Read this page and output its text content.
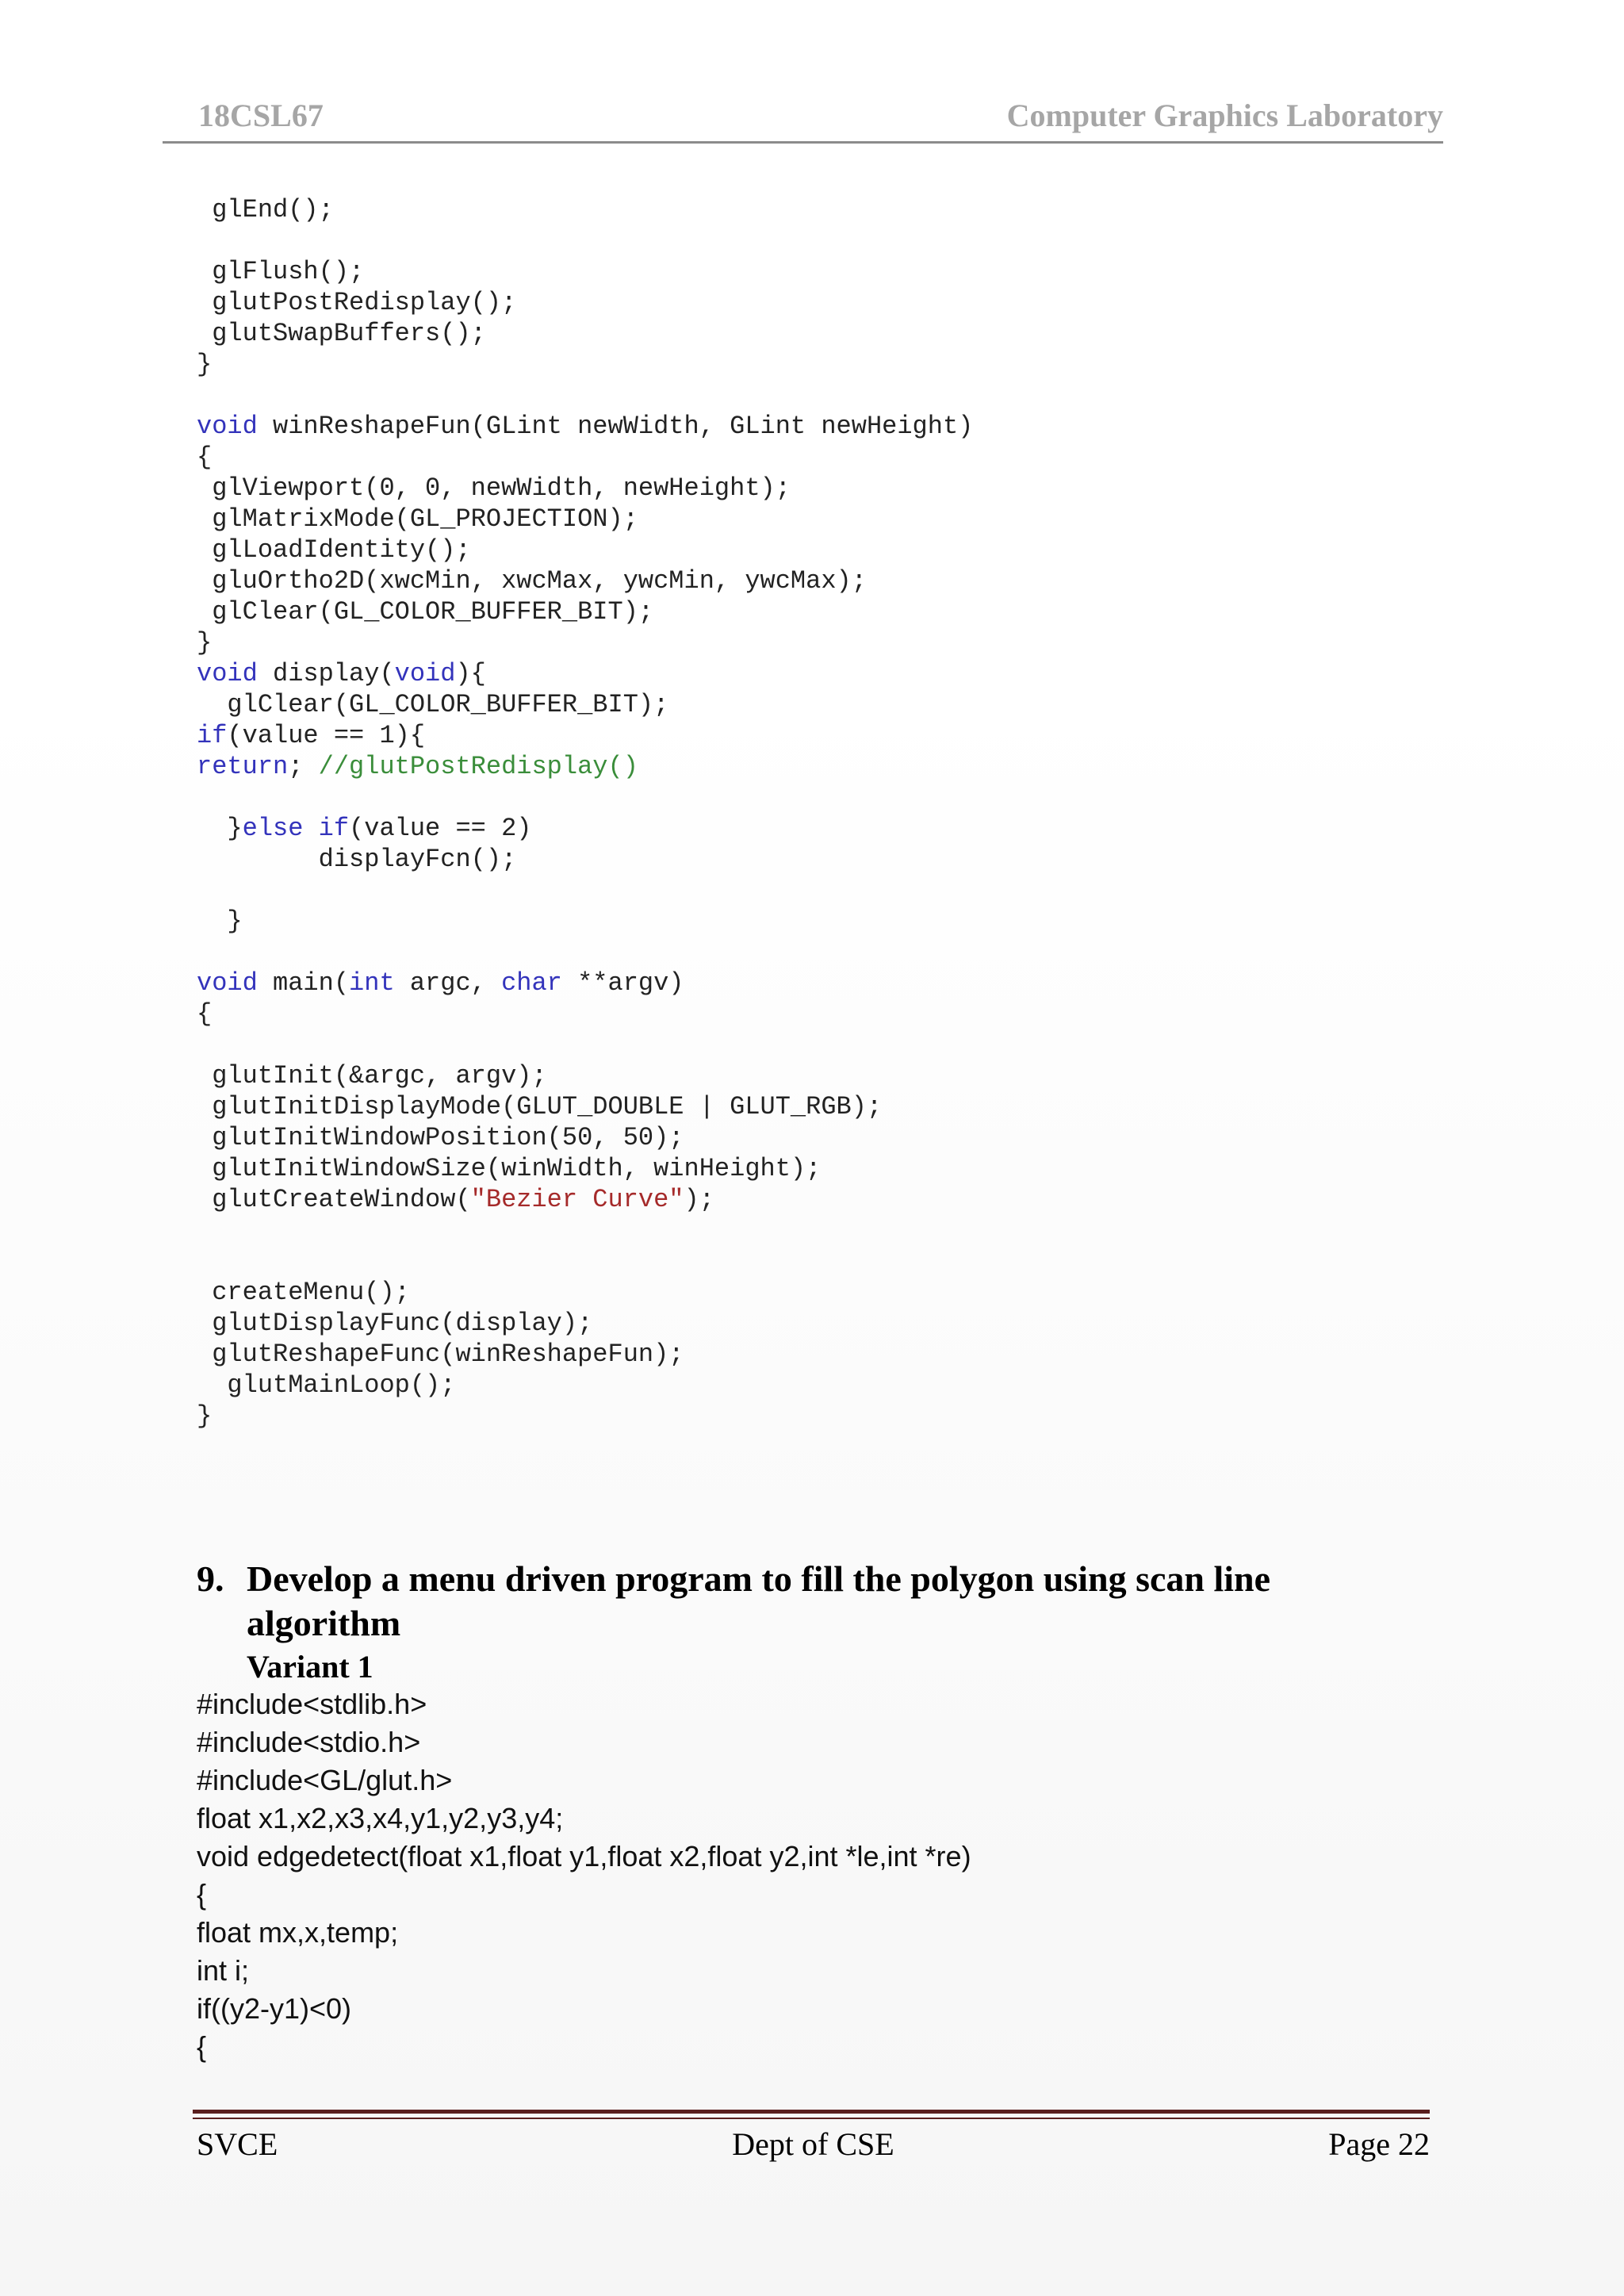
18CSL67	Computer Graphics Laboratory
glEnd();
glFlush();
glutPostRedisplay();
glutSwapBuffers();
}
void winReshapeFun(GLint newWidth, GLint newHeight)
{
glViewport(0, 0, newWidth, newHeight);
glMatrixMode(GL_PROJECTION);
glLoadIdentity();
gluOrtho2D(xwcMin, xwcMax, ywcMin, ywcMax);
glClear(GL_COLOR_BUFFER_BIT);
}
void display(void){
glClear(GL_COLOR_BUFFER_BIT);
if(value == 1){
return; //glutPostRedisplay()
}else if(value == 2)
displayFcn();
}
void main(int argc, char **argv)
{
glutInit(&argc, argv);
glutInitDisplayMode(GLUT_DOUBLE | GLUT_RGB);
glutInitWindowPosition(50, 50);
glutInitWindowSize(winWidth, winHeight);
glutCreateWindow("Bezier Curve");
createMenu();
glutDisplayFunc(display);
glutReshapeFunc(winReshapeFun);
glutMainLoop();
}
9. Develop a menu driven program to fill the polygon using scan line algorithm
Variant 1
#include<stdlib.h>
#include<stdio.h>
#include<GL/glut.h>
float x1,x2,x3,x4,y1,y2,y3,y4;
void edgedetect(float x1,float y1,float x2,float y2,int *le,int *re)
{
float mx,x,temp;
int i;
if((y2-y1)<0)
{
SVCE	Dept of CSE	Page 22
